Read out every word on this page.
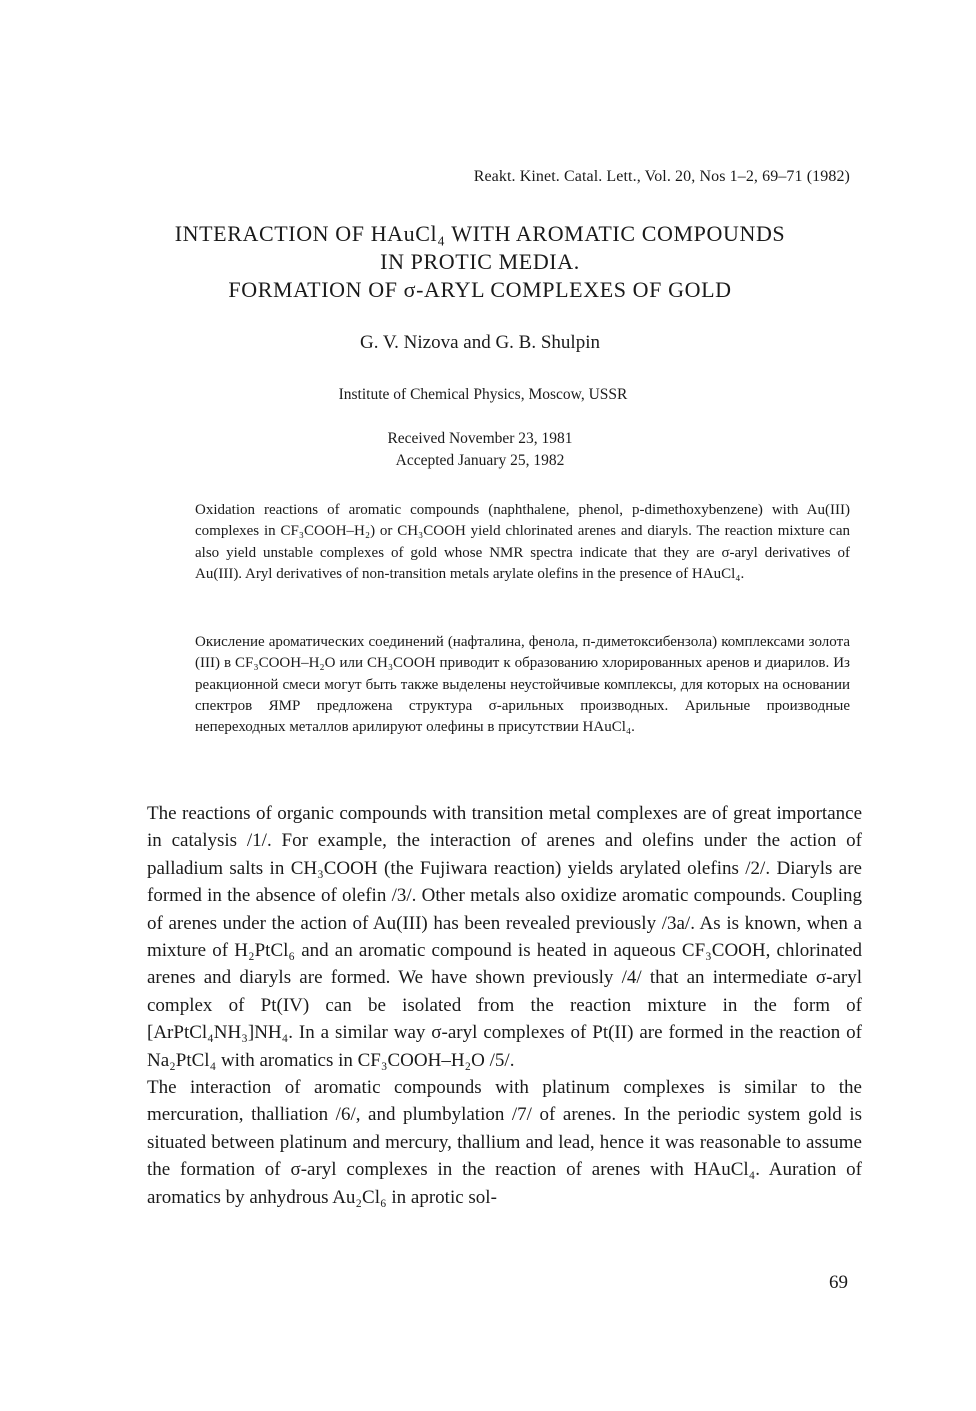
Reakt. Kinet. Catal. Lett., Vol. 20, Nos 1–2, 69–71 (1982)
INTERACTION OF HAuCl₄ WITH AROMATIC COMPOUNDS
IN PROTIC MEDIA.
FORMATION OF σ-ARYL COMPLEXES OF GOLD
G. V. Nizova and G. B. Shulpin
Institute of Chemical Physics, Moscow, USSR
Received November 23, 1981
Accepted January 25, 1982

Oxidation reactions of aromatic compounds (naphthalene, phenol, p-dimethoxybenzene) with Au(III) complexes in CF₃COOH–H₂) or CH₃COOH yield chlorinated arenes and diaryls. The reaction mixture can also yield unstable complexes of gold whose NMR spectra indicate that they are σ-aryl derivatives of Au(III). Aryl derivatives of non-transition metals arylate olefins in the presence of HAuCl₄.

Окисление ароматических соединений (нафталина, фенола, п-диметоксибензола) комплексами золота (III) в CF₃COOH–H₂O или CH₃COOH приводит к образованию хлорированных аренов и диарилов. Из реакционной смеси могут быть также выделены неустойчивые комплексы, для которых на основании спектров ЯМР предложена структура σ-арильных производных. Арильные производные непереходных металлов арилируют олефины в присутствии HAuCl₄.

The reactions of organic compounds with transition metal complexes are of great importance in catalysis /1/. For example, the interaction of arenes and olefins under the action of palladium salts in CH₃COOH (the Fujiwara reaction) yields arylated olefins /2/. Diaryls are formed in the absence of olefin /3/. Other metals also oxidize aromatic compounds. Coupling of arenes under the action of Au(III) has been revealed previously /3a/. As is known, when a mixture of H₂PtCl₆ and an aromatic compound is heated in aqueous CF₃COOH, chlorinated arenes and diaryls are formed. We have shown previously /4/ that an intermediate σ-aryl complex of Pt(IV) can be isolated from the reaction mixture in the form of [ArPtCl₄NH₃]NH₄. In a similar way σ-aryl complexes of Pt(II) are formed in the reaction of Na₂PtCl₄ with aromatics in CF₃COOH–H₂O /5/.

The interaction of aromatic compounds with platinum complexes is similar to the mercuration, thalliation /6/, and plumbylation /7/ of arenes. In the periodic system gold is situated between platinum and mercury, thallium and lead, hence it was reasonable to assume the formation of σ-aryl complexes in the reaction of arenes with HAuCl₄. Auration of aromatics by anhydrous Au₂Cl₆ in aprotic sol-

69
